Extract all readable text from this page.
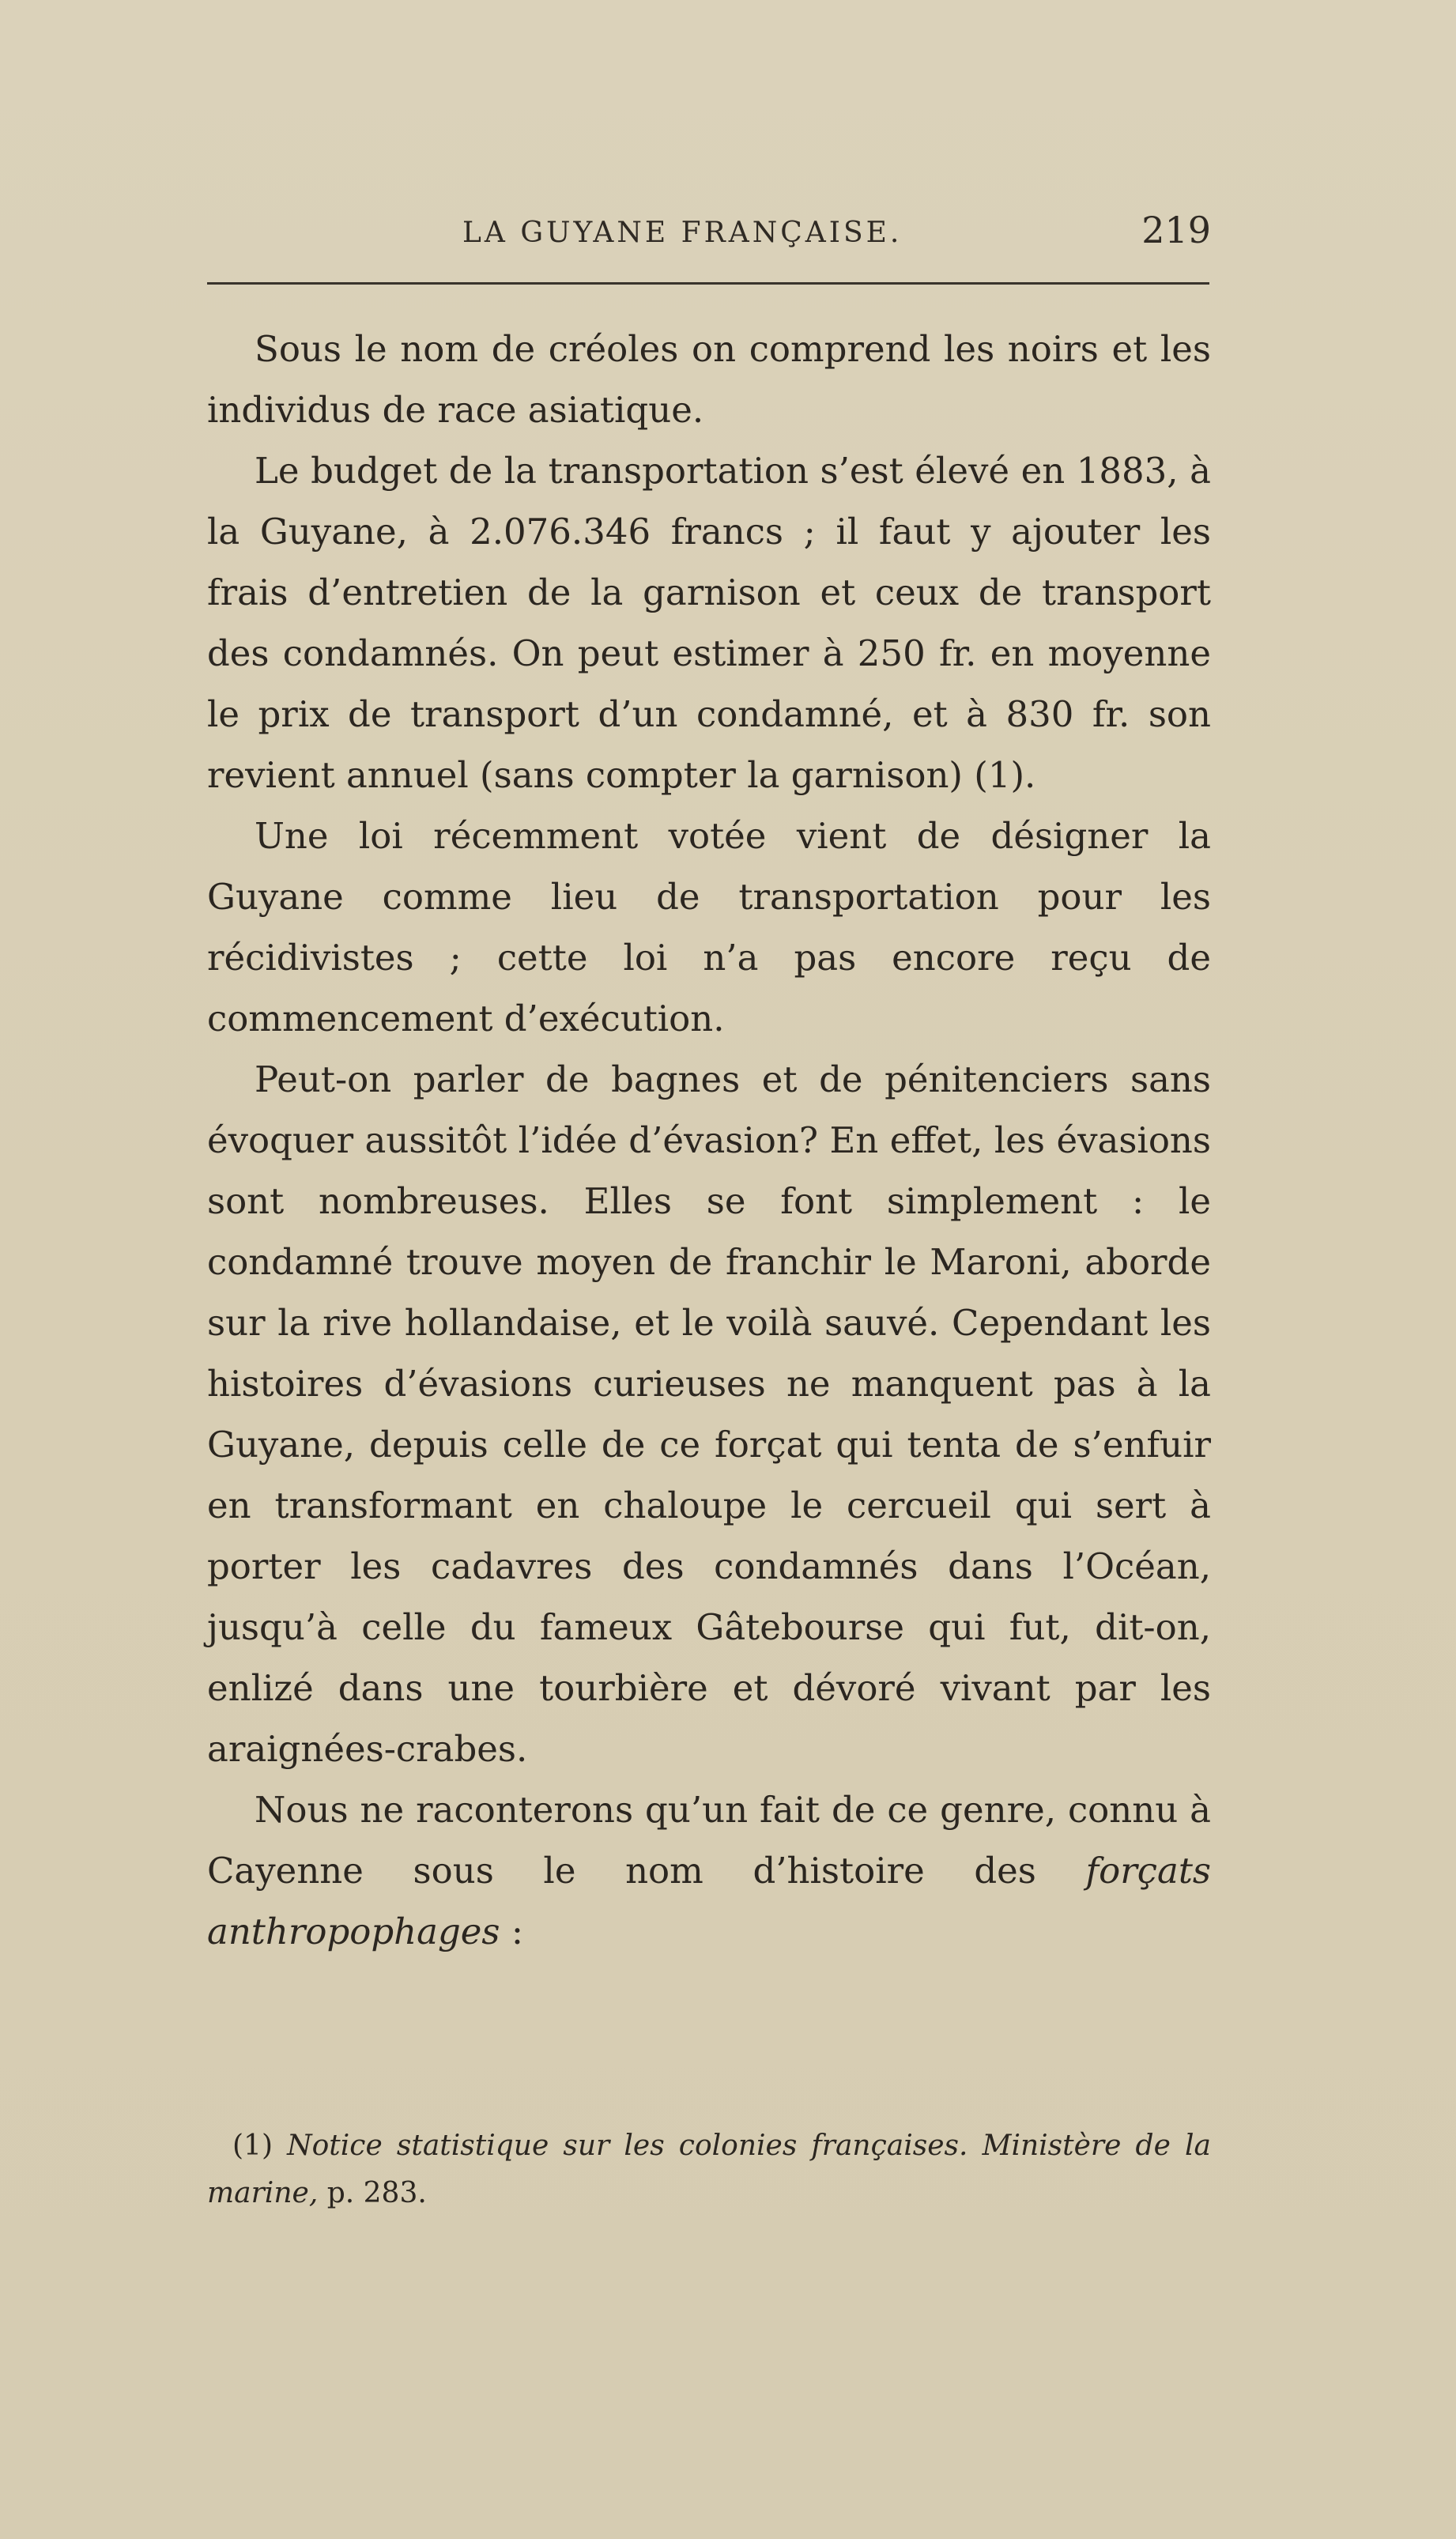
LA GUYANE FRANÇAISE.	219

Sous le nom de créoles on comprend les noirs et les individus de race asiatique.

Le budget de la transportation s’est élevé en 1883, à la Guyane, à 2.076.346 francs ; il faut y ajouter les frais d’entretien de la garnison et ceux de transport des condamnés. On peut estimer à 250 fr. en moyenne le prix de transport d’un condamné, et à 830 fr. son revient annuel (sans compter la garnison) (1).

Une loi récemment votée vient de désigner la Guyane comme lieu de transportation pour les récidivistes ; cette loi n’a pas encore reçu de commencement d’exécution.

Peut-on parler de bagnes et de pénitenciers sans évoquer aussitôt l’idée d’évasion? En effet, les évasions sont nombreuses. Elles se font simplement : le condamné trouve moyen de franchir le Maroni, aborde sur la rive hollandaise, et le voilà sauvé. Cependant les histoires d’évasions curieuses ne manquent pas à la Guyane, depuis celle de ce forçat qui tenta de s’enfuir en transformant en chaloupe le cercueil qui sert à porter les cadavres des condamnés dans l’Océan, jusqu’à celle du fameux Gâtebourse qui fut, dit-on, enlizé dans une tourbière et dévoré vivant par les araignées-crabes.

Nous ne raconterons qu’un fait de ce genre, connu à Cayenne sous le nom d’histoire des forçats anthropophages :

(1) Notice statistique sur les colonies françaises. Ministère de la marine, p. 283.
